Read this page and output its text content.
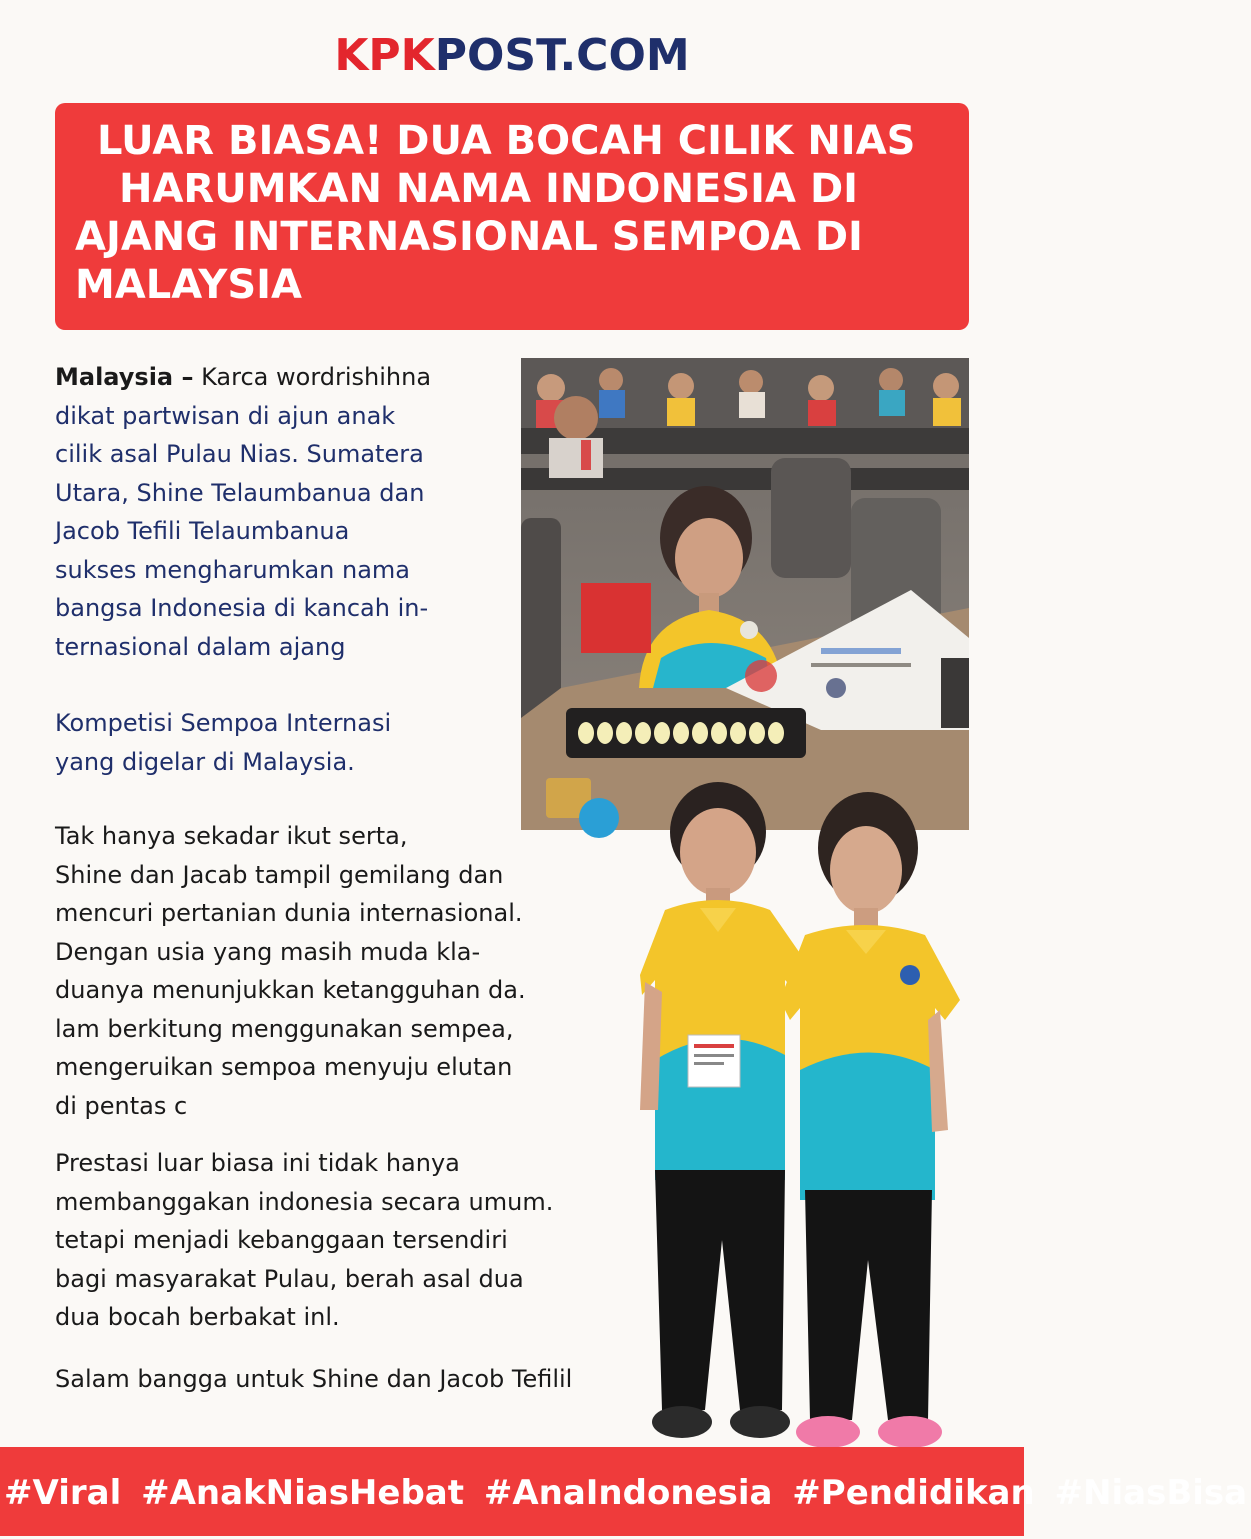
KPKPOST.COM
LUAR BIASA! DUA BOCAH CILIK NIAS
HARUMKAN NAMA INDONESIA DI
AJANG INTERNASIONAL SEMPOA DI
MALAYSIA
Malaysia – Karca wordrishihna
dikat partwisan di ajun anak
cilik asal Pulau Nias. Sumatera
Utara, Shine Telaumbanua dan
Jacob Tefili Telaumbanua
sukses mengharumkan nama
bangsa Indonesia di kancah in-
ternasional dalam ajang
Kompetisi Sempoa Internasi
yang digelar di Malaysia.
Tak hanya sekadar ikut serta,
Shine dan Jacab tampil gemilang dan
mencuri pertanian dunia internasional.
Dengan usia yang masih muda kla-
duanya menunjukkan ketangguhan da.
lam berkitung menggunakan sempea,
mengeruikan sempoa menyuju elutan
di pentas c
Prestasi luar biasa ini tidak hanya
membanggakan indonesia secara umum.
tetapi menjadi kebanggaan tersendiri
bagi masyarakat Pulau, berah asal dua
dua bocah berbakat inl.
Salam bangga untuk Shine dan Jacob Tefilil
#Viral #AnakNiasHebat #AnaIndonesia #Pendidikan #NiasBisa
